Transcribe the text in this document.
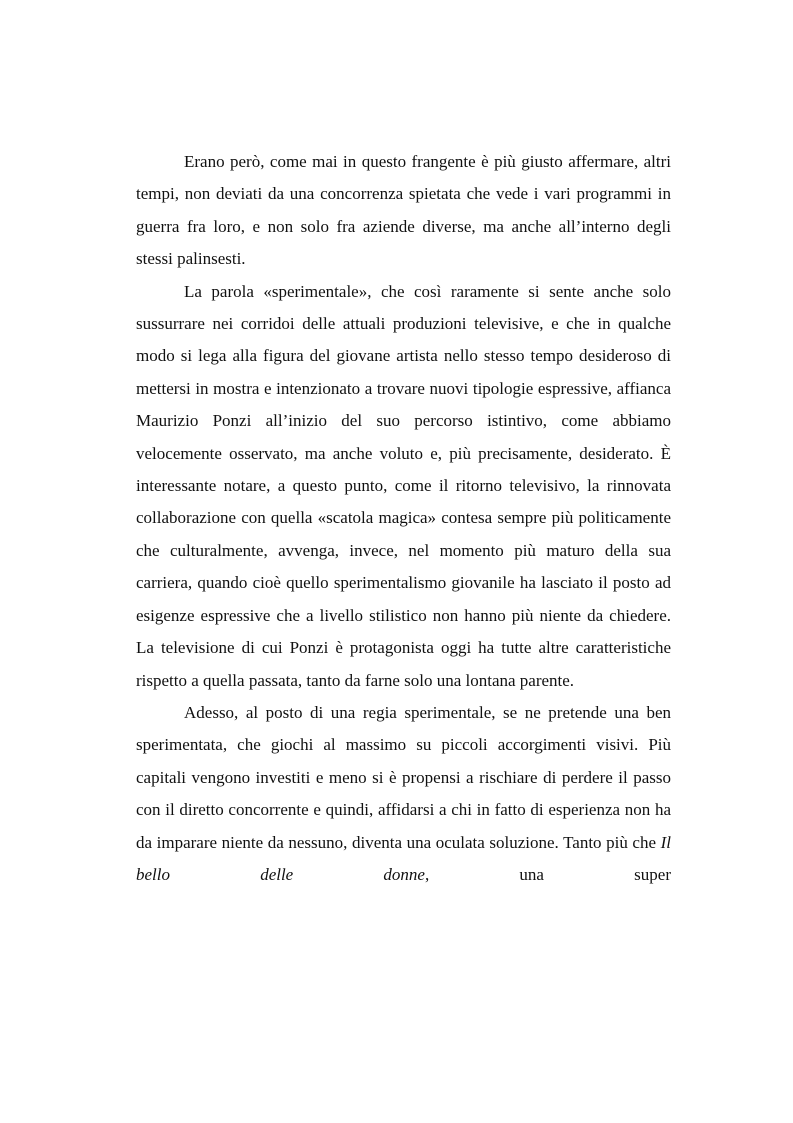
Erano però, come mai in questo frangente è più giusto affermare, altri tempi, non deviati da una concorrenza spietata che vede i vari programmi in guerra fra loro, e non solo fra aziende diverse, ma anche all’interno degli stessi palinsesti.

La parola «sperimentale», che così raramente si sente anche solo sussurrare nei corridoi delle attuali produzioni televisive, e che in qualche modo si lega alla figura del giovane artista nello stesso tempo desideroso di mettersi in mostra e intenzionato a trovare nuovi tipologie espressive, affianca Maurizio Ponzi all’inizio del suo percorso istintivo, come abbiamo velocemente osservato, ma anche voluto e, più precisamente, desiderato. È interessante notare, a questo punto, come il ritorno televisivo, la rinnovata collaborazione con quella «scatola magica» contesa sempre più politicamente che culturalmente, avvenga, invece, nel momento più maturo della sua carriera, quando cioè quello sperimentalismo giovanile ha lasciato il posto ad esigenze espressive che a livello stilistico non hanno più niente da chiedere. La televisione di cui Ponzi è protagonista oggi ha tutte altre caratteristiche rispetto a quella passata, tanto da farne solo una lontana parente.

Adesso, al posto di una regia sperimentale, se ne pretende una ben sperimentata, che giochi al massimo su piccoli accorgimenti visivi. Più capitali vengono investiti e meno si è propensi a rischiare di perdere il passo con il diretto concorrente e quindi, affidarsi a chi in fatto di esperienza non ha da imparare niente da nessuno, diventa una oculata soluzione. Tanto più che Il bello delle donne, una super
